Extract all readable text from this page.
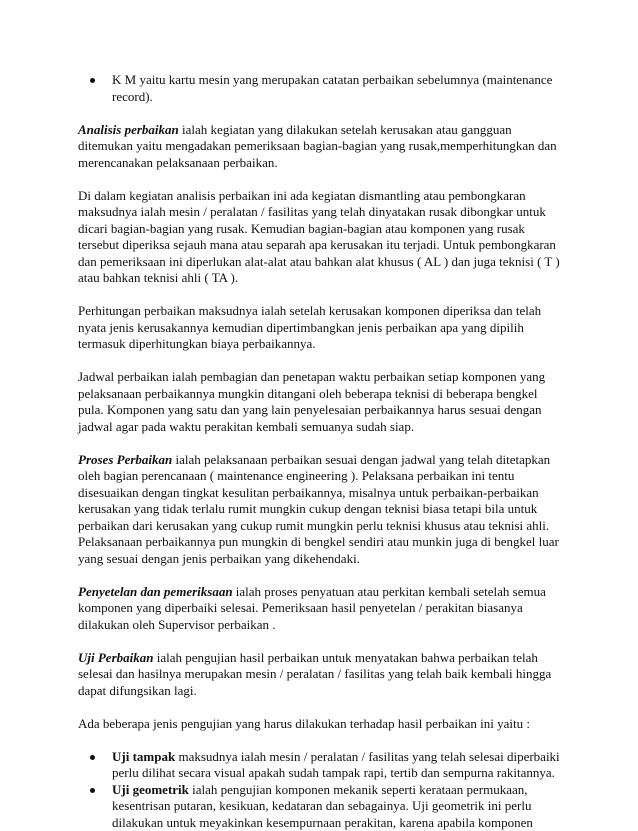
K M yaitu kartu mesin yang merupakan catatan perbaikan sebelumnya (maintenance record).

Analisis perbaikan ialah kegiatan yang dilakukan setelah kerusakan atau gangguan ditemukan yaitu mengadakan pemeriksaan bagian-bagian yang rusak,memperhitungkan dan merencanakan pelaksanaan perbaikan.

Di dalam kegiatan analisis perbaikan ini ada kegiatan dismantling atau pembongkaran maksudnya ialah mesin / peralatan / fasilitas yang telah dinyatakan rusak dibongkar untuk dicari bagian-bagian yang rusak. Kemudian bagian-bagian atau komponen yang rusak tersebut diperiksa sejauh mana atau separah apa kerusakan itu terjadi. Untuk pembongkaran dan pemeriksaan ini diperlukan alat-alat atau bahkan alat khusus ( AL ) dan juga teknisi ( T ) atau bahkan teknisi ahli ( TA ).

Perhitungan perbaikan maksudnya ialah setelah kerusakan komponen diperiksa dan telah nyata jenis kerusakannya kemudian dipertimbangkan jenis perbaikan apa yang dipilih termasuk diperhitungkan biaya perbaikannya.

Jadwal perbaikan ialah pembagian dan penetapan waktu perbaikan setiap komponen yang pelaksanaan perbaikannya mungkin ditangani oleh beberapa teknisi di beberapa bengkel pula. Komponen yang satu dan yang lain penyelesaian perbaikannya harus sesuai dengan jadwal agar pada waktu perakitan kembali semuanya sudah siap.

Proses Perbaikan ialah pelaksanaan perbaikan sesuai dengan jadwal yang telah ditetapkan oleh bagian perencanaan ( maintenance engineering ). Pelaksana perbaikan ini tentu disesuaikan dengan tingkat kesulitan perbaikannya, misalnya untuk perbaikan-perbaikan kerusakan yang tidak terlalu rumit mungkin cukup dengan teknisi biasa tetapi bila untuk perbaikan dari kerusakan yang cukup rumit mungkin perlu teknisi khusus atau teknisi ahli. Pelaksanaan perbaikannya pun mungkin di bengkel sendiri atau munkin juga di bengkel luar yang sesuai dengan jenis perbaikan yang dikehendaki.

Penyetelan dan pemeriksaan ialah proses penyatuan atau perkitan kembali setelah semua komponen yang diperbaiki selesai. Pemeriksaan hasil penyetelan / perakitan biasanya dilakukan oleh Supervisor perbaikan .

Uji Perbaikan ialah pengujian hasil perbaikan untuk menyatakan bahwa perbaikan telah selesai dan hasilnya merupakan mesin / peralatan / fasilitas yang telah baik kembali hingga dapat difungsikan lagi.

Ada beberapa jenis pengujian yang harus dilakukan terhadap hasil perbaikan ini yaitu :

Uji tampak maksudnya ialah mesin / peralatan / fasilitas yang telah selesai diperbaiki perlu dilihat secara visual apakah sudah tampak rapi, tertib dan sempurna rakitannya.
Uji geometrik ialah pengujian komponen mekanik seperti kerataan permukaan, kesentrisan putaran, kesikuan, kedataran dan sebagainya. Uji geometrik ini perlu dilakukan untuk meyakinkan kesempurnaan perakitan, karena apabila komponen
